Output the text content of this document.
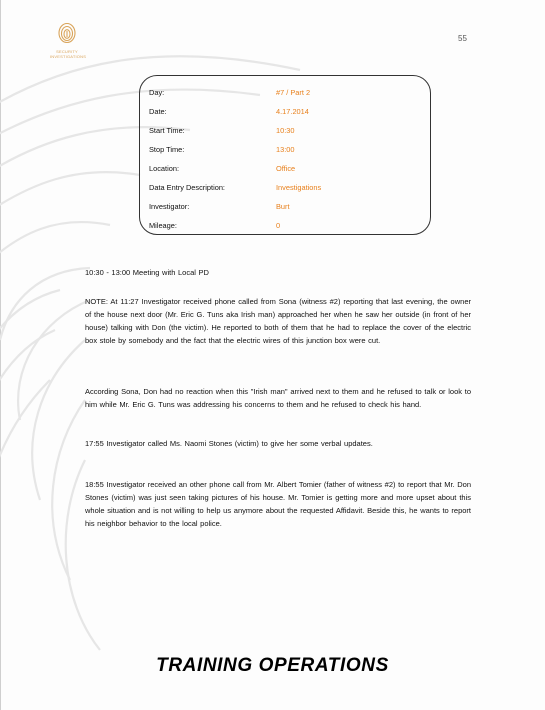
SECURITY INVESTIGATIONS
55
Day:	#7 / Part 2
Date:	4.17.2014
Start Time:	10:30
Stop Time:	13:00
Location:	Office
Data Entry Description:	Investigations
Investigator:	Burt
Mileage:	0
10:30 - 13:00 Meeting with Local PD
NOTE: At 11:27 Investigator received phone called from Sona (witness #2) reporting that last evening, the owner of the house next door (Mr. Eric G. Tuns aka Irish man) approached her when he saw her outside (in front of her house) talking with Don (the victim). He reported to both of them that he had to replace the cover of the electric box stole by somebody and the fact that the electric wires of this junction box were cut.
According Sona, Don had no reaction when this "Irish man" arrived next to them and he refused to talk or look to him while Mr. Eric G. Tuns was addressing his concerns to them and he refused to check his hand.
17:55 Investigator called Ms. Naomi Stones (victim) to give her some verbal updates.
18:55 Investigator received an other phone call from Mr. Albert Tomier (father of witness #2) to report that Mr. Don Stones (victim) was just seen taking pictures of his house. Mr. Tomier is getting more and more upset about this whole situation and is not willing to help us anymore about the requested Affidavit. Beside this, he wants to report his neighbor behavior to the local police.
TRAINING OPERATIONS
